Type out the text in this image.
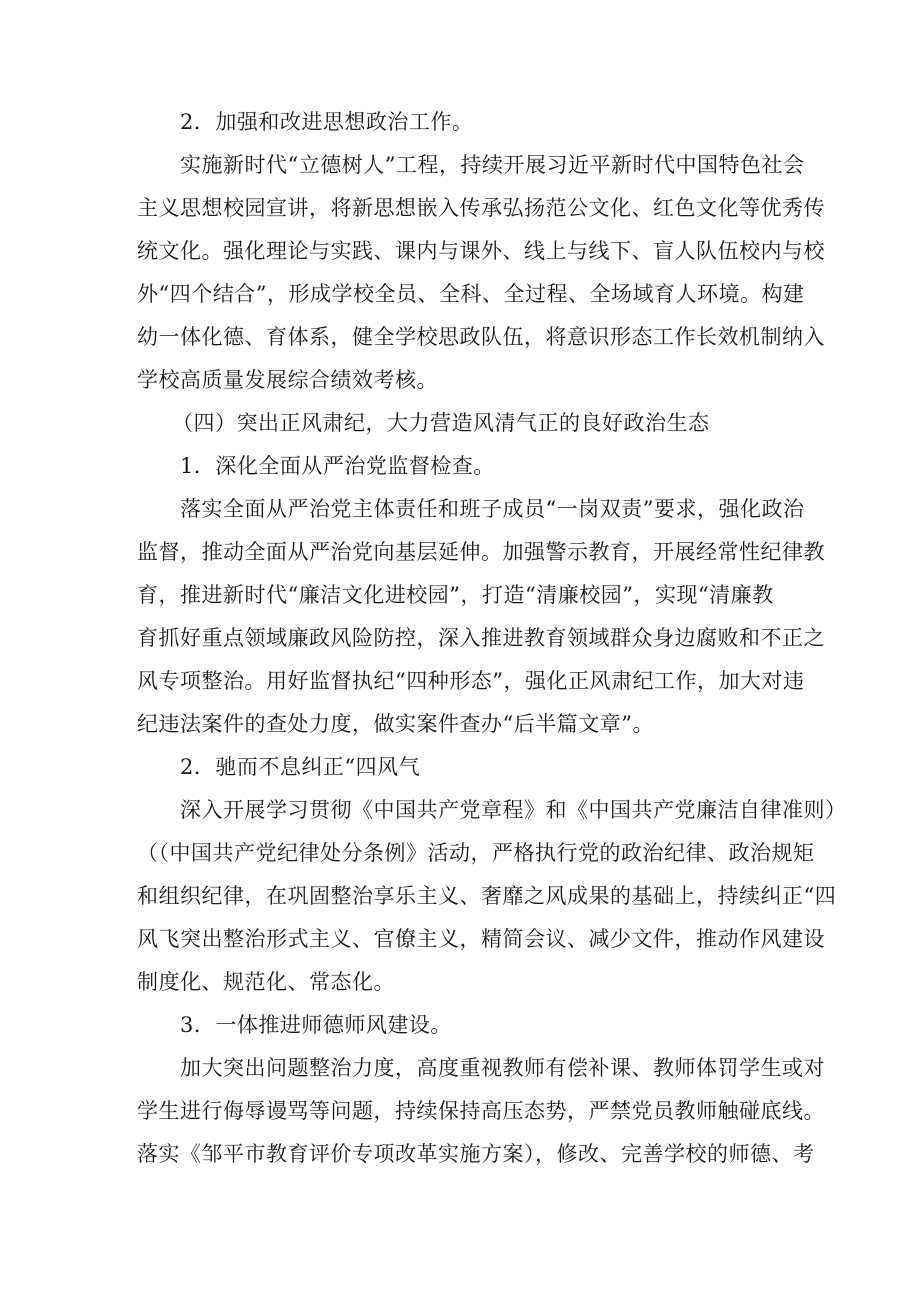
2．加强和改进思想政治工作。
实施新时代“立德树人”工程，持续开展习近平新时代中国特色社会
主义思想校园宣讲，将新思想嵌入传承弘扬范公文化、红色文化等优秀传
统文化。强化理论与实践、课内与课外、线上与线下、盲人队伍校内与校
外“四个结合”，形成学校全员、全科、全过程、全场域育人环境。构建
幼一体化德、育体系，健全学校思政队伍，将意识形态工作长效机制纳入
学校高质量发展综合绩效考核。
（四）突出正风肃纪，大力营造风清气正的良好政治生态
1．深化全面从严治党监督检查。
落实全面从严治党主体责任和班子成员“一岗双责”要求，强化政治
监督，推动全面从严治党向基层延伸。加强警示教育，开展经常性纪律教
育，推进新时代“廉洁文化进校园”，打造“清廉校园”，实现“清廉教
育抓好重点领域廉政风险防控，深入推进教育领域群众身边腐败和不正之
风专项整治。用好监督执纪“四种形态”，强化正风肃纪工作，加大对违
纪违法案件的查处力度，做实案件查办“后半篇文章”。
2．驰而不息纠正“四风气
深入开展学习贯彻《中国共产党章程》和《中国共产党廉洁自律准则）
（（中国共产党纪律处分条例》活动，严格执行党的政治纪律、政治规矩
和组织纪律，在巩固整治享乐主义、奢靡之风成果的基础上，持续纠正“四
风飞突出整治形式主义、官僚主义，精简会议、减少文件，推动作风建设
制度化、规范化、常态化。
3．一体推进师德师风建设。
加大突出问题整治力度，高度重视教师有偿补课、教师体罚学生或对
学生进行侮辱谩骂等问题，持续保持高压态势，严禁党员教师触碰底线。
落实《邹平市教育评价专项改革实施方案），修改、完善学校的师德、考
